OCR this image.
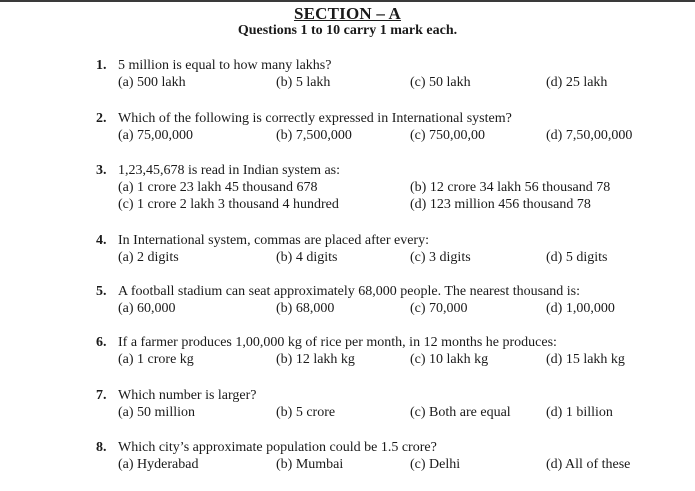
SECTION – A
Questions 1 to 10 carry 1 mark each.
1. 5 million is equal to how many lakhs?
(a) 500 lakh	(b) 5 lakh	(c) 50 lakh	(d) 25 lakh
2. Which of the following is correctly expressed in International system?
(a) 75,00,000	(b) 7,500,000	(c) 750,00,00	(d) 7,50,00,000
3. 1,23,45,678 is read in Indian system as:
(a) 1 crore 23 lakh 45 thousand 678	(b) 12 crore 34 lakh 56 thousand 78
(c) 1 crore 2 lakh 3 thousand 4 hundred	(d) 123 million 456 thousand 78
4. In International system, commas are placed after every:
(a) 2 digits	(b) 4 digits	(c) 3 digits	(d) 5 digits
5. A football stadium can seat approximately 68,000 people. The nearest thousand is:
(a) 60,000	(b) 68,000	(c) 70,000	(d) 1,00,000
6. If a farmer produces 1,00,000 kg of rice per month, in 12 months he produces:
(a) 1 crore kg	(b) 12 lakh kg	(c) 10 lakh kg	(d) 15 lakh kg
7. Which number is larger?
(a) 50 million	(b) 5 crore	(c) Both are equal	(d) 1 billion
8. Which city’s approximate population could be 1.5 crore?
(a) Hyderabad	(b) Mumbai	(c) Delhi	(d) All of these
